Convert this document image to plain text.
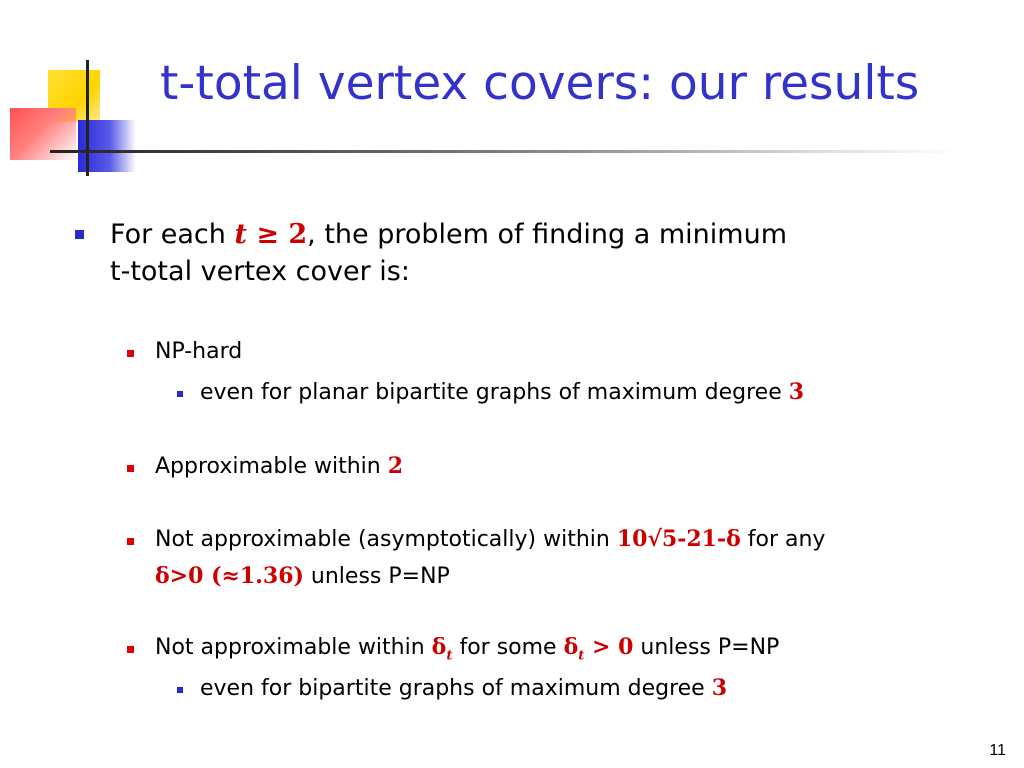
t-total vertex covers: our results
For each t ≥ 2, the problem of finding a minimum
t-total vertex cover is:
NP-hard
even for planar bipartite graphs of maximum degree 3
Approximable within 2
Not approximable (asymptotically) within 10√5-21-δ for any
δ>0 (≈1.36) unless P=NP
Not approximable within $\delta_t$ for some $\delta_t > 0$ unless P=NP
even for bipartite graphs of maximum degree 3
11
